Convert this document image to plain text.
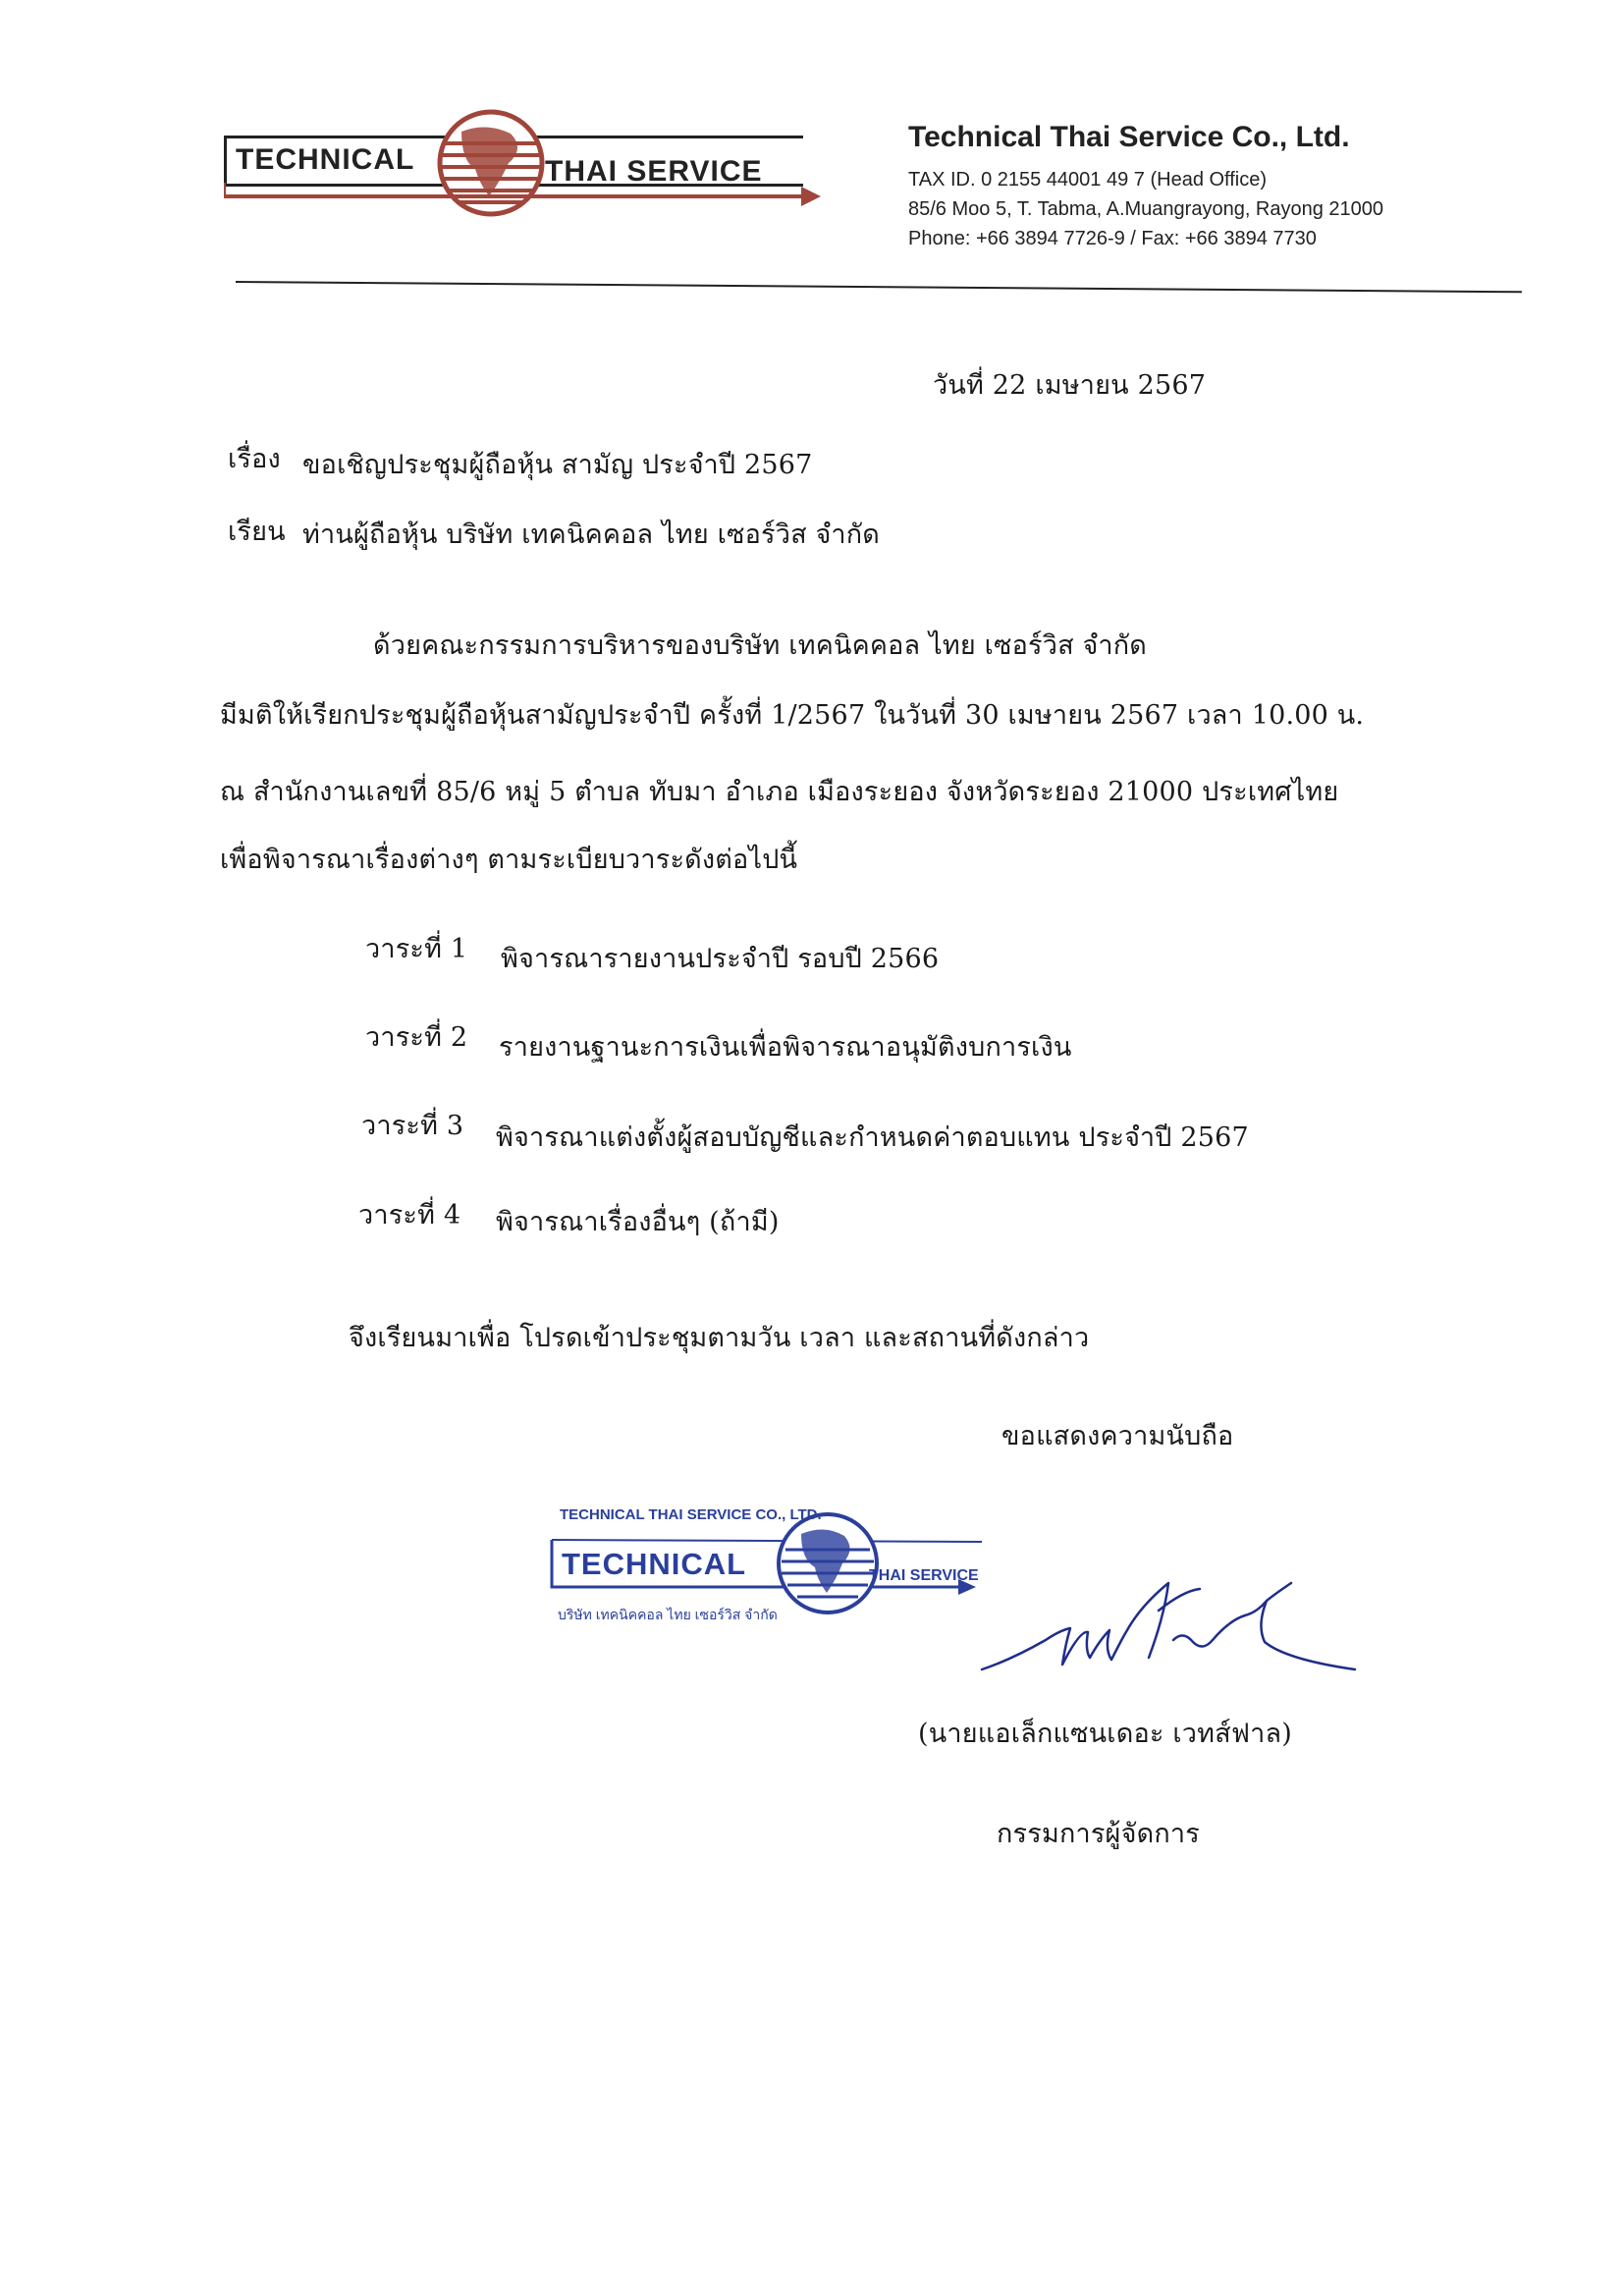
TECHNICAL	THAI SERVICE
Technical Thai Service Co., Ltd.
TAX ID. 0 2155 44001 49 7 (Head Office)
85/6 Moo 5, T. Tabma, A.Muangrayong, Rayong 21000
Phone: +66 3894 7726-9 / Fax: +66 3894 7730
วันที่ 22 เมษายน 2567
เรื่อง ขอเชิญประชุมผู้ถือหุ้น สามัญ ประจำปี 2567
เรียน ท่านผู้ถือหุ้น บริษัท เทคนิคคอล ไทย เซอร์วิส จำกัด
ด้วยคณะกรรมการบริหารของบริษัท เทคนิคคอล ไทย เซอร์วิส จำกัด
มีมติให้เรียกประชุมผู้ถือหุ้นสามัญประจำปี ครั้งที่ 1/2567 ในวันที่ 30 เมษายน 2567 เวลา 10.00 น.
ณ สำนักงานเลขที่ 85/6 หมู่ 5 ตำบล ทับมา อำเภอ เมืองระยอง จังหวัดระยอง 21000 ประเทศไทย
เพื่อพิจารณาเรื่องต่างๆ ตามระเบียบวาระดังต่อไปนี้
วาระที่ 1 พิจารณารายงานประจำปี รอบปี 2566
วาระที่ 2 รายงานฐานะการเงินเพื่อพิจารณาอนุมัติงบการเงิน
วาระที่ 3 พิจารณาแต่งตั้งผู้สอบบัญชีและกำหนดค่าตอบแทน ประจำปี 2567
วาระที่ 4 พิจารณาเรื่องอื่นๆ (ถ้ามี)
จึงเรียนมาเพื่อ โปรดเข้าประชุมตามวัน เวลา และสถานที่ดังกล่าว
ขอแสดงความนับถือ
TECHNICAL THAI SERVICE CO., LTD.
TECHNICAL	THAI SERVICE
บริษัท เทคนิคคอล ไทย เซอร์วิส จำกัด
(นายแอเล็กแซนเดอะ เวทส์ฟาล)
กรรมการผู้จัดการ
